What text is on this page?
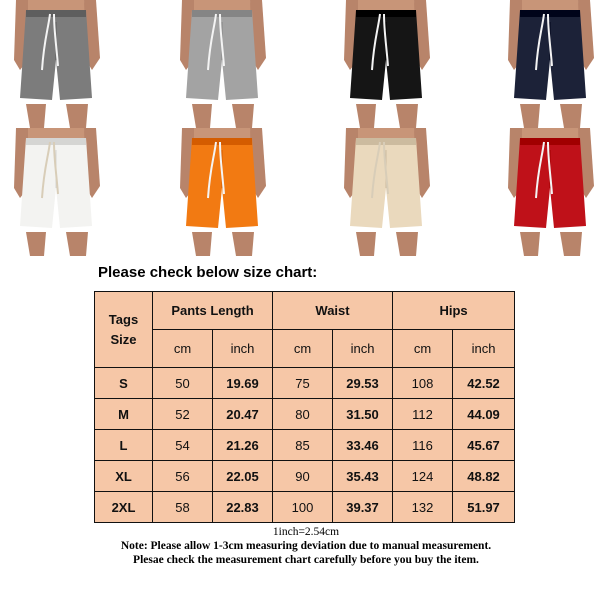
Please check below size chart:
Tags
Size	Pants Length		Waist		Hips	
	cm	inch	cm	inch	cm	inch
S	50	19.69	75	29.53	108	42.52
M	52	20.47	80	31.50	112	44.09
L	54	21.26	85	33.46	116	45.67
XL	56	22.05	90	35.43	124	48.82
2XL	58	22.83	100	39.37	132	51.97
1inch=2.54cm
Note: Please allow 1-3cm measuring deviation due to manual measurement.
Plesae check the measurement chart carefully before you buy the item.
